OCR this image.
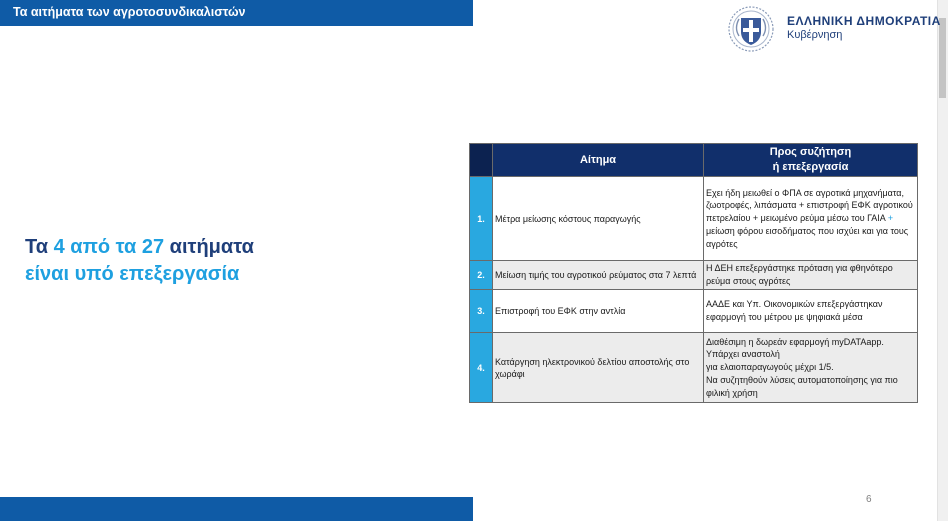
Τα αιτήματα των αγροτοσυνδικαλιστών
ΕΛΛΗΝΙΚΗ ΔΗΜΟΚΡΑΤΙΑ
Κυβέρνηση
Τα 4 από τα 27 αιτήματα
είναι υπό επεξεργασία
	Αίτημα	Προς συζήτηση
ή επεξεργασία

1.	Μέτρα μείωσης κόστους παραγωγής	Εχει ήδη μειωθεί ο ΦΠΑ σε αγροτικά μηχανήματα, ζωοτροφές, λιπάσματα + επιστροφή ΕΦΚ αγροτικού πετρελαίου + μειωμένο ρεύμα μέσω του ΓΑΙΑ + μείωση φόρου εισοδήματος που ισχύει και για τους αγρότες
2.	Μείωση τιμής του αγροτικού ρεύματος στα 7 λεπτά	Η ΔΕΗ επεξεργάστηκε πρόταση για φθηνότερο ρεύμα στους αγρότες
3.	Επιστροφή του ΕΦΚ στην αντλία	ΑΑΔΕ και Υπ. Οικονομικών επεξεργάστηκαν εφαρμογή του μέτρου με ψηφιακά μέσα
4.	Κατάργηση ηλεκτρονικού δελτίου αποστολής στο χωράφι	Διαθέσιμη η δωρεάν εφαρμογή myDATAapp. Υπάρχει αναστολή
για ελαιοπαραγωγούς μέχρι 1/5.
Να συζητηθούν λύσεις αυτοματοποίησης για πιο φιλική χρήση
6
